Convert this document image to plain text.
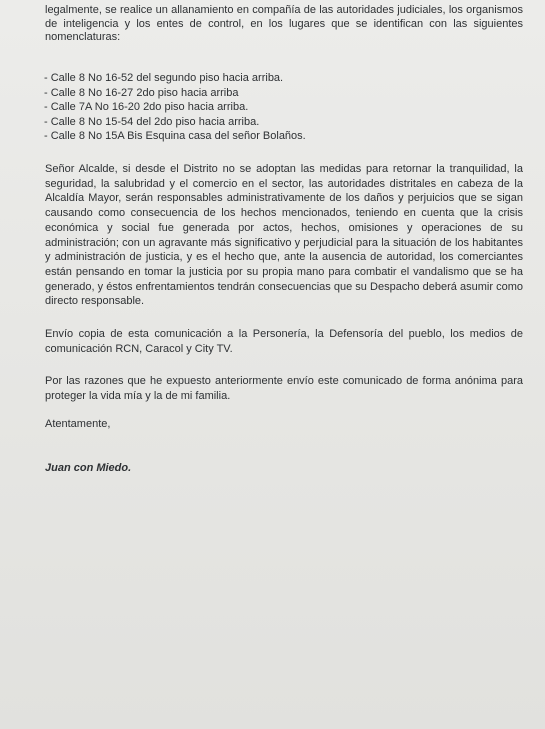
legalmente, se realice un allanamiento en compañía de las autoridades judiciales, los organismos de inteligencia y los entes de control, en los lugares que se identifican con las siguientes nomenclaturas:

- Calle 8 No 16-52 del segundo piso hacia arriba.
- Calle 8 No 16-27 2do piso hacia arriba
- Calle 7A No 16-20 2do piso hacia arriba.
- Calle 8 No 15-54 del 2do piso hacia arriba.
- Calle 8 No 15A Bis Esquina casa del señor Bolaños.

Señor Alcalde, si desde el Distrito no se adoptan las medidas para retornar la tranquilidad, la seguridad, la salubridad y el comercio en el sector, las autoridades distritales en cabeza de la Alcaldía Mayor, serán responsables administrativamente de los daños y perjuicios que se sigan causando como consecuencia de los hechos mencionados, teniendo en cuenta que la crisis económica y social fue generada por actos, hechos, omisiones y operaciones de su administración; con un agravante más significativo y perjudicial para la situación de los habitantes y administración de justicia, y es el hecho que, ante la ausencia de autoridad, los comerciantes están pensando en tomar la justicia por su propia mano para combatir el vandalismo que se ha generado, y éstos enfrentamientos tendrán consecuencias que su Despacho deberá asumir como directo responsable.

Envío copia de esta comunicación a la Personería, la Defensoría del pueblo, los medios de comunicación RCN, Caracol y City TV.

Por las razones que he expuesto anteriormente envío este comunicado de forma anónima para proteger la vida mía y la de mi familia.

Atentamente,

Juan con Miedo.
